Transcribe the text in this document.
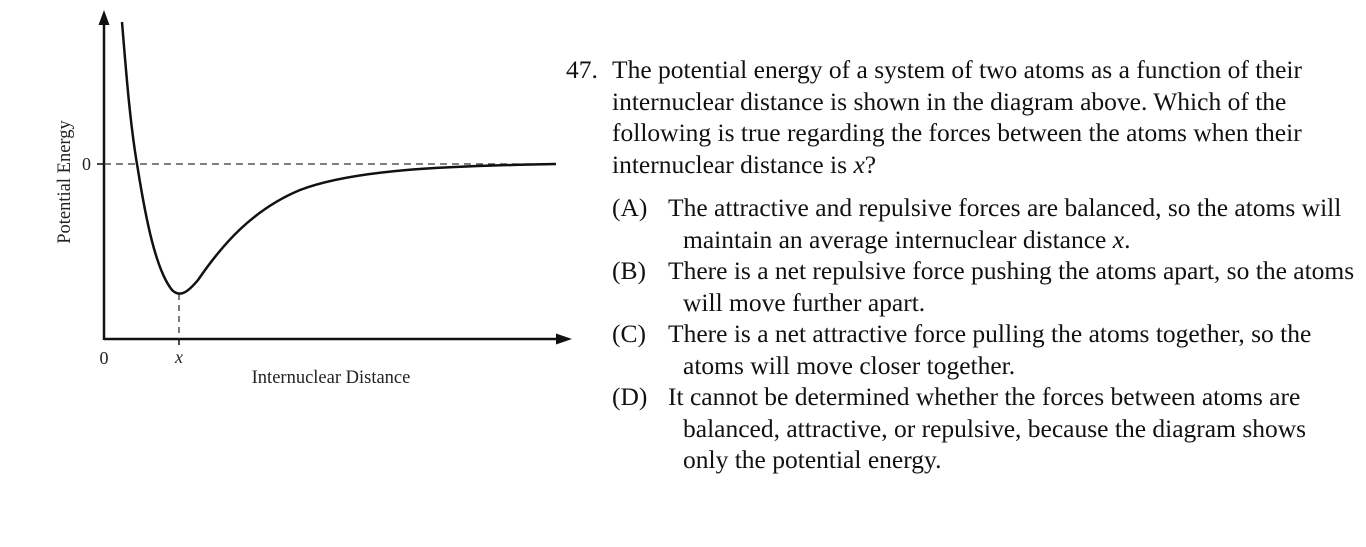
Potential Energy 0
0	x
Internuclear Distance
47. The potential energy of a system of two atoms as a function of their internuclear distance is shown in the diagram above. Which of the following is true regarding the forces between the atoms when their internuclear distance is x?
(A) The attractive and repulsive forces are balanced, so the atoms will maintain an average internuclear distance x.
(B) There is a net repulsive force pushing the atoms apart, so the atoms will move further apart.
(C) There is a net attractive force pulling the atoms together, so the atoms will move closer together.
(D) It cannot be determined whether the forces between atoms are balanced, attractive, or repulsive, because the diagram shows only the potential energy.
